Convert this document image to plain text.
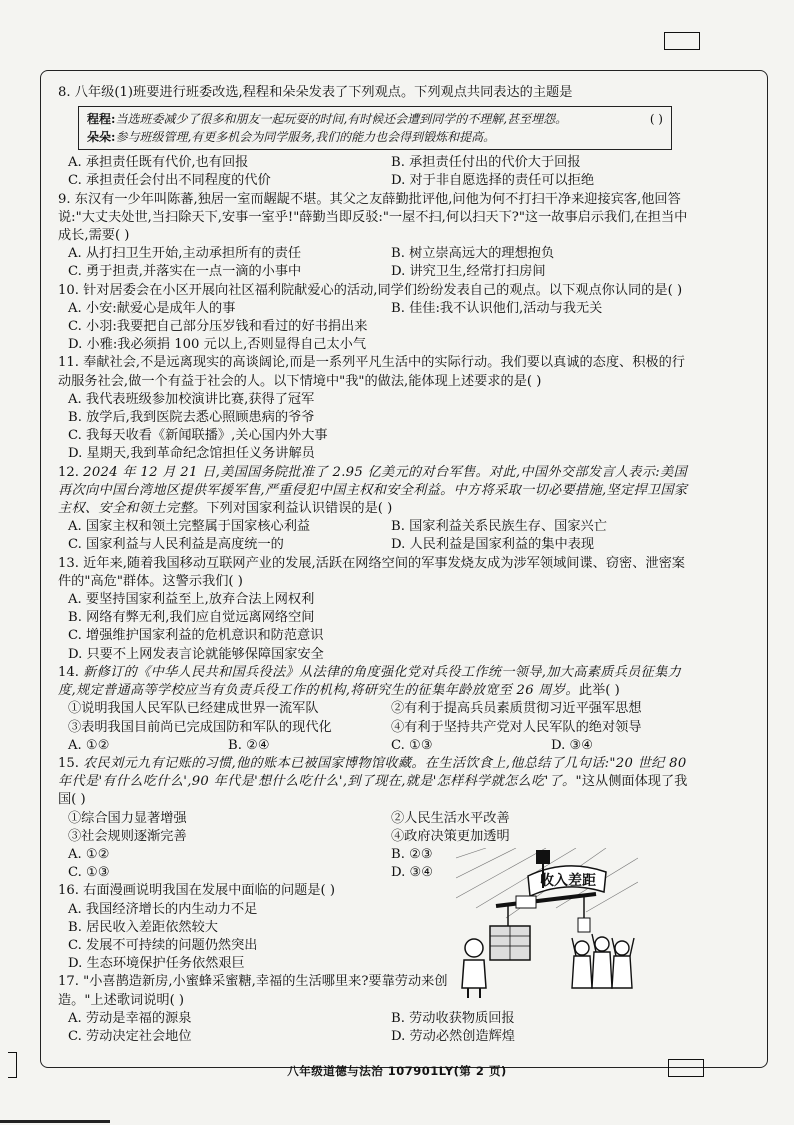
8. 八年级(1)班要进行班委改选,程程和朵朵发表了下列观点。下列观点共同表达的主题是

程程:当选班委减少了很多和朋友一起玩耍的时间,有时候还会遭到同学的不理解,甚至埋怨。	( )
朵朵:参与班级管理,有更多机会为同学服务,我们的能力也会得到锻炼和提高。
A. 承担责任既有代价,也有回报	B. 承担责任付出的代价大于回报
C. 承担责任会付出不同程度的代价	D. 对于非自愿选择的责任可以拒绝

9. 东汉有一少年叫陈蕃,独居一室而龌龊不堪。其父之友薛勤批评他,问他为何不打扫干净来迎接宾客,他回答说:"大丈夫处世,当扫除天下,安事一室乎!"薛勤当即反驳:"一屋不扫,何以扫天下?"这一故事启示我们,在担当中成长,需要( )

A. 从打扫卫生开始,主动承担所有的责任	B. 树立崇高远大的理想抱负
C. 勇于担责,并落实在一点一滴的小事中	D. 讲究卫生,经常打扫房间

10. 针对居委会在小区开展向社区福利院献爱心的活动,同学们纷纷发表自己的观点。以下观点你认同的是( )

A. 小安:献爱心是成年人的事	B. 佳佳:我不认识他们,活动与我无关
C. 小羽:我要把自己部分压岁钱和看过的好书捐出来
D. 小雅:我必须捐 100 元以上,否则显得自己太小气

11. 奉献社会,不是远离现实的高谈阔论,而是一系列平凡生活中的实际行动。我们要以真诚的态度、积极的行动服务社会,做一个有益于社会的人。以下情境中"我"的做法,能体现上述要求的是( )

A. 我代表班级参加校演讲比赛,获得了冠军
B. 放学后,我到医院去悉心照顾患病的爷爷
C. 我每天收看《新闻联播》,关心国内外大事
D. 星期天,我到革命纪念馆担任义务讲解员

12. 2024 年 12 月 21 日,美国国务院批准了 2.95 亿美元的对台军售。对此,中国外交部发言人表示:美国再次向中国台湾地区提供军援军售,严重侵犯中国主权和安全利益。中方将采取一切必要措施,坚定捍卫国家主权、安全和领土完整。下列对国家利益认识错误的是( )

A. 国家主权和领土完整属于国家核心利益	B. 国家利益关系民族生存、国家兴亡
C. 国家利益与人民利益是高度统一的	D. 人民利益是国家利益的集中表现

13. 近年来,随着我国移动互联网产业的发展,活跃在网络空间的军事发烧友成为涉军领域间谍、窃密、泄密案件的"高危"群体。这警示我们( )

A. 要坚持国家利益至上,放弃合法上网权利
B. 网络有弊无利,我们应自觉远离网络空间
C. 增强维护国家利益的危机意识和防范意识
D. 只要不上网发表言论就能够保障国家安全

14. 新修订的《中华人民共和国兵役法》从法律的角度强化党对兵役工作统一领导,加大高素质兵员征集力度,规定普通高等学校应当有负责兵役工作的机构,将研究生的征集年龄放宽至 26 周岁。此举( )

①说明我国人民军队已经建成世界一流军队	②有利于提高兵员素质贯彻习近平强军思想
③表明我国目前尚已完成国防和军队的现代化	④有利于坚持共产党对人民军队的绝对领导
A. ①②	B. ②④	C. ①③	D. ③④

15. 农民刘元九有记账的习惯,他的账本已被国家博物馆收藏。在生活饮食上,他总结了几句话:"20 世纪 80 年代是'有什么吃什么',90 年代是'想什么吃什么',到了现在,就是'怎样科学就怎么吃'了。"这从侧面体现了我国( )

①综合国力显著增强	②人民生活水平改善
③社会规则逐渐完善	④政府决策更加透明
A. ①②	B. ②③
C. ①③	D. ③④

16. 右面漫画说明我国在发展中面临的问题是( )

A. 我国经济增长的内生动力不足
B. 居民收入差距依然较大
C. 发展不可持续的问题仍然突出
D. 生态环境保护任务依然艰巨

17. "小喜鹊造新房,小蜜蜂采蜜糖,幸福的生活哪里来?要靠劳动来创造。"上述歌词说明( )

A. 劳动是幸福的源泉	B. 劳动收获物质回报
C. 劳动决定社会地位	D. 劳动必然创造辉煌
收入差距
八年级道德与法治 107901LY(第 2 页)
